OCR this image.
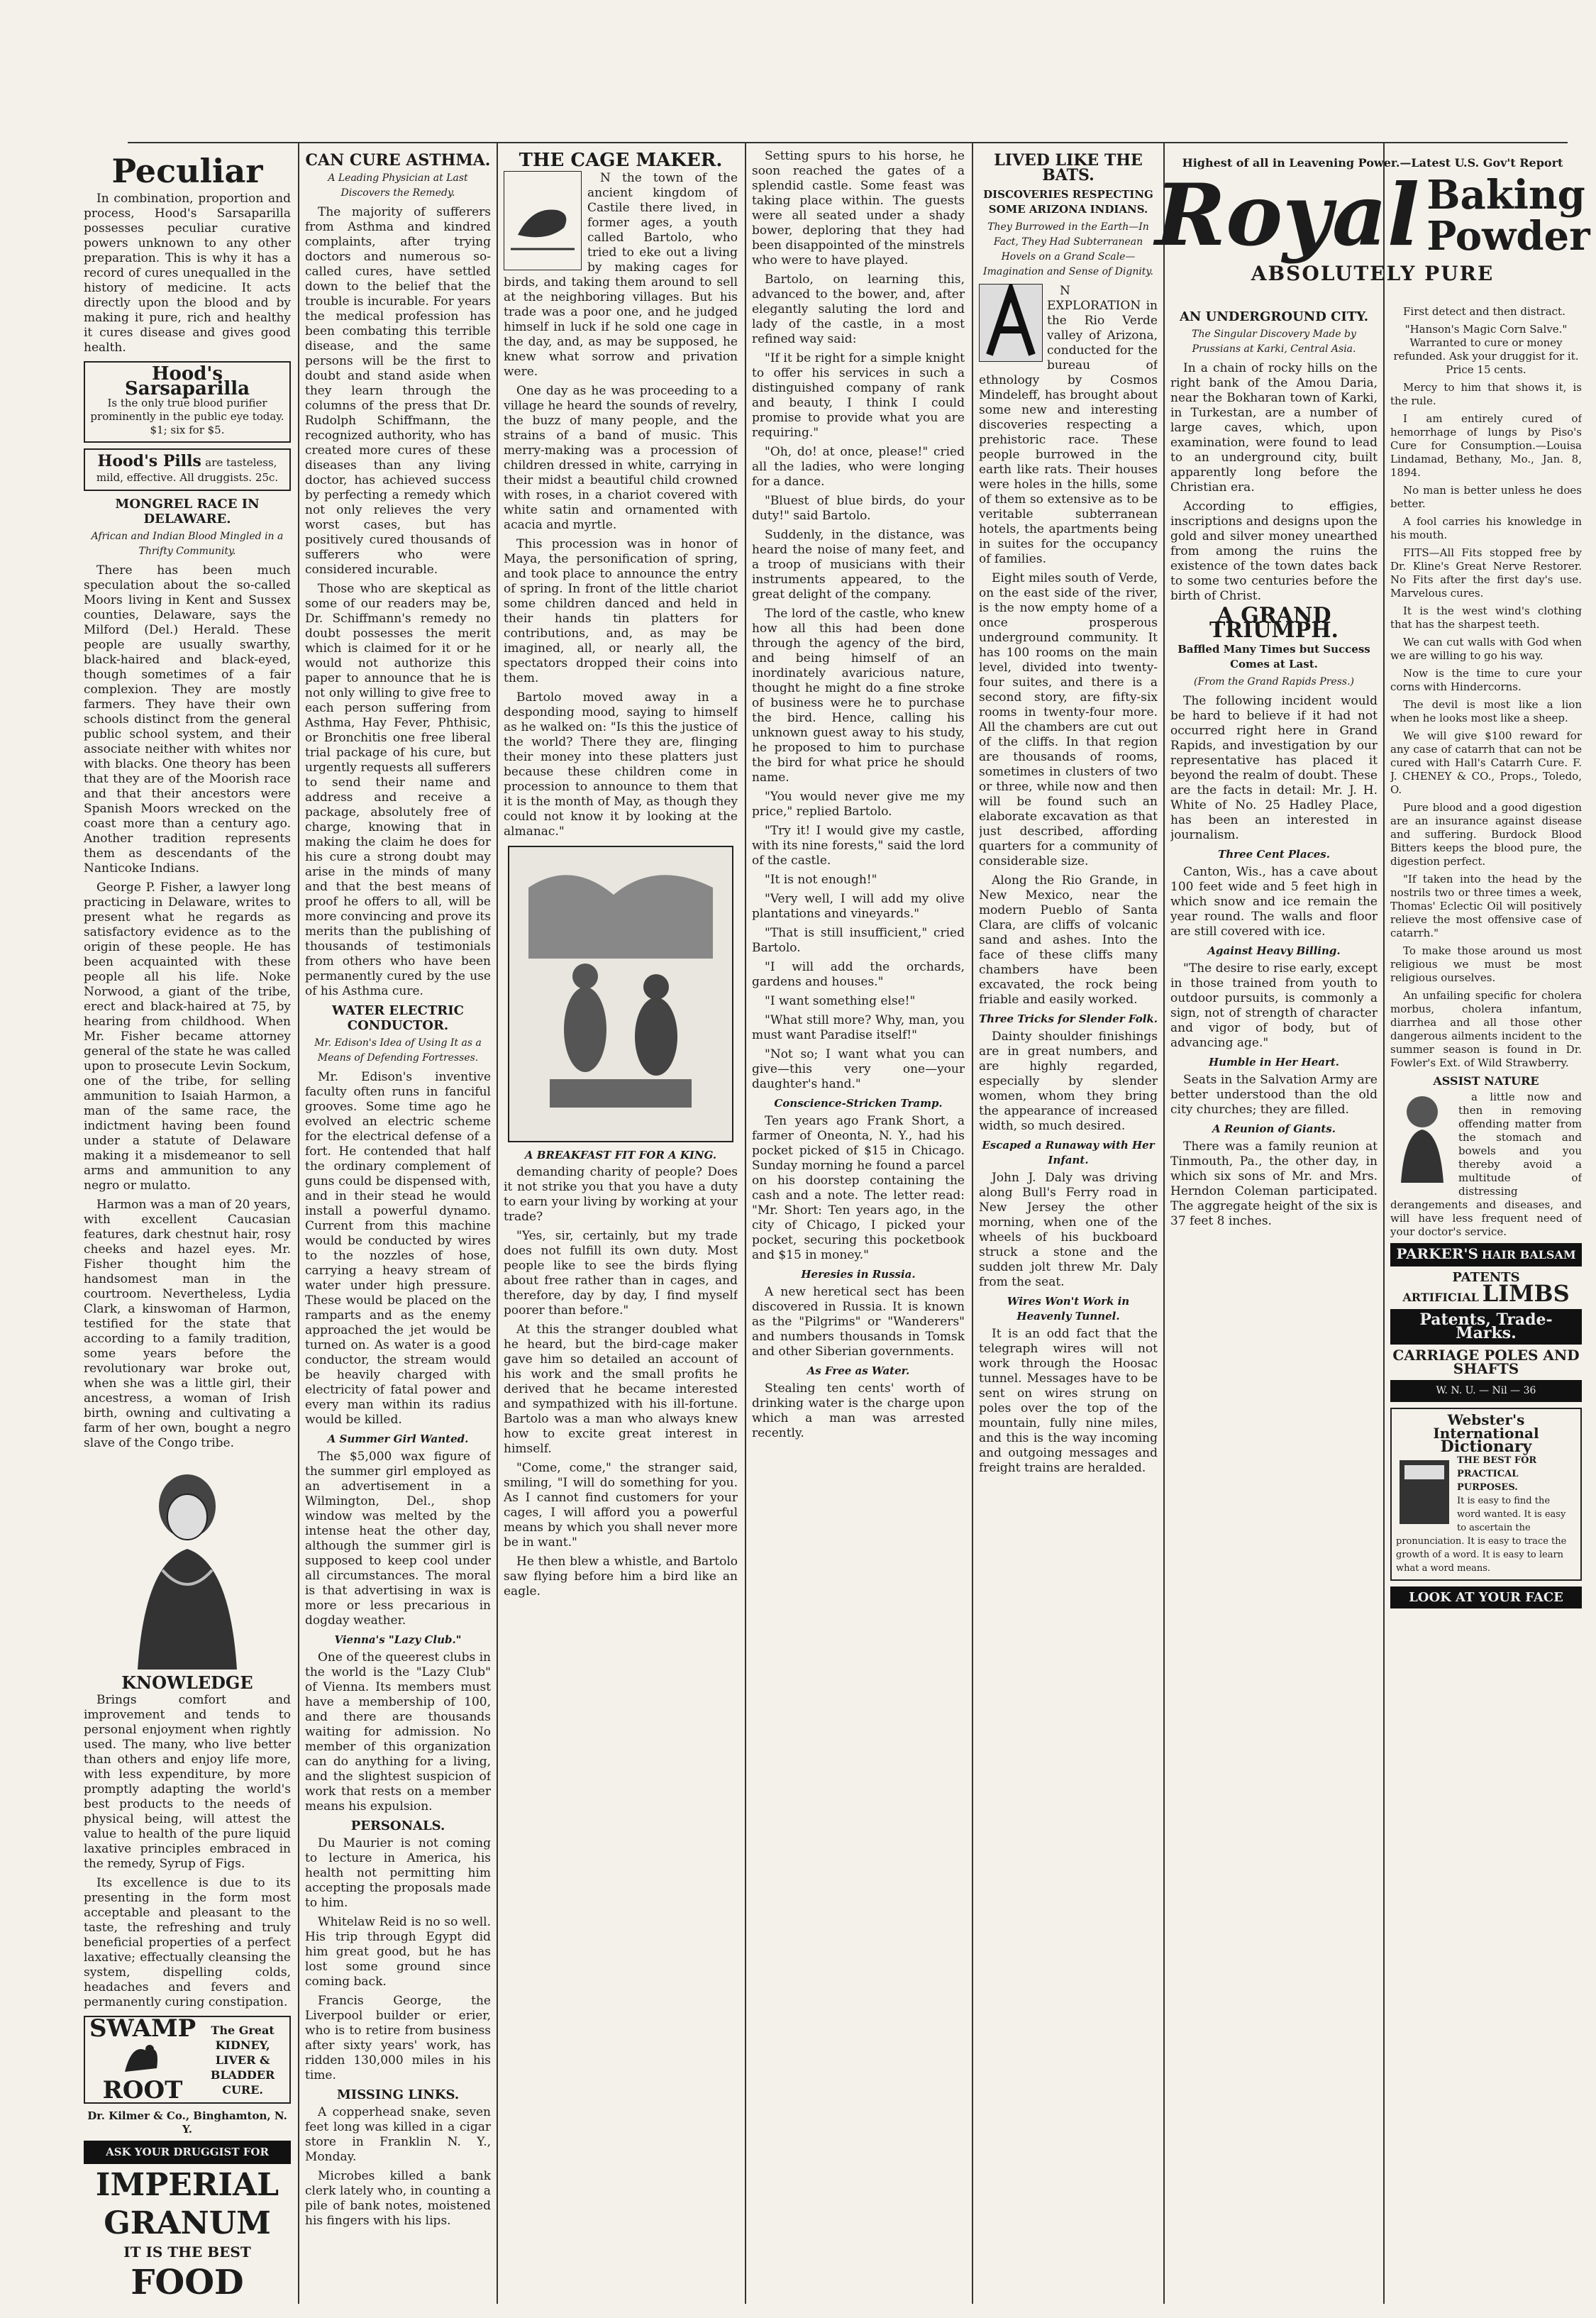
Peculiar

In combination, proportion and process, Hood's Sarsaparilla possesses peculiar curative powers unknown to any other preparation. This is why it has a record of cures unequalled in the history of medicine. It acts directly upon the blood and by making it pure, rich and healthy it cures disease and gives good health.

Hood's Sarsaparilla
Is the only true blood purifier prominently in the public eye today. $1; six for $5.
Hood's Pills are tasteless, mild, effective. All druggists. 25c.
MONGREL RACE IN DELAWARE.
African and Indian Blood Mingled in a Thrifty Community.

There has been much speculation about the so-called Moors living in Kent and Sussex counties, Delaware, says the Milford (Del.) Herald. These people are usually swarthy, black-haired and black-eyed, though sometimes of a fair complexion. They are mostly farmers. They have their own schools distinct from the general public school system, and their associate neither with whites nor with blacks. One theory has been that they are of the Moorish race and that their ancestors were Spanish Moors wrecked on the coast more than a century ago. Another tradition represents them as descendants of the Nanticoke Indians.

George P. Fisher, a lawyer long practicing in Delaware, writes to present what he regards as satisfactory evidence as to the origin of these people. He has been acquainted with these people all his life. Noke Norwood, a giant of the tribe, erect and black-haired at 75, by hearing from childhood. When Mr. Fisher became attorney general of the state he was called upon to prosecute Levin Sockum, one of the tribe, for selling ammunition to Isaiah Harmon, a man of the same race, the indictment having been found under a statute of Delaware making it a misdemeanor to sell arms and ammunition to any negro or mulatto.

Harmon was a man of 20 years, with excellent Caucasian features, dark chestnut hair, rosy cheeks and hazel eyes. Mr. Fisher thought him the handsomest man in the courtroom. Nevertheless, Lydia Clark, a kinswoman of Harmon, testified for the state that according to a family tradition, some years before the revolutionary war broke out, when she was a little girl, their ancestress, a woman of Irish birth, owning and cultivating a farm of her own, bought a negro slave of the Congo tribe.

KNOWLEDGE

Brings comfort and improvement and tends to personal enjoyment when rightly used. The many, who live better than others and enjoy life more, with less expenditure, by more promptly adapting the world's best products to the needs of physical being, will attest the value to health of the pure liquid laxative principles embraced in the remedy, Syrup of Figs.

Its excellence is due to its presenting in the form most acceptable and pleasant to the taste, the refreshing and truly beneficial properties of a perfect laxative; effectually cleansing the system, dispelling colds, headaches and fevers and permanently curing constipation.

SWAMP
ROOT
The Great KIDNEY, LIVER & BLADDER CURE.
Dr. Kilmer & Co., Binghamton, N. Y.
ASK YOUR DRUGGIST FOR
IMPERIAL
GRANUM
IT IS THE BEST
FOOD
CAN CURE ASTHMA.
A Leading Physician at Last Discovers the Remedy.

The majority of sufferers from Asthma and kindred complaints, after trying doctors and numerous so-called cures, have settled down to the belief that the trouble is incurable. For years the medical profession has been combating this terrible disease, and the same persons will be the first to doubt and stand aside when they learn through the columns of the press that Dr. Rudolph Schiffmann, the recognized authority, who has created more cures of these diseases than any living doctor, has achieved success by perfecting a remedy which not only relieves the very worst cases, but has positively cured thousands of sufferers who were considered incurable.

Those who are skeptical as some of our readers may be, Dr. Schiffmann's remedy no doubt possesses the merit which is claimed for it or he would not authorize this paper to announce that he is not only willing to give free to each person suffering from Asthma, Hay Fever, Phthisic, or Bronchitis one free liberal trial package of his cure, but urgently requests all sufferers to send their name and address and receive a package, absolutely free of charge, knowing that in making the claim he does for his cure a strong doubt may arise in the minds of many and that the best means of proof he offers to all, will be more convincing and prove its merits than the publishing of thousands of testimonials from others who have been permanently cured by the use of his Asthma cure.

WATER ELECTRIC CONDUCTOR.
Mr. Edison's Idea of Using It as a Means of Defending Fortresses.

Mr. Edison's inventive faculty often runs in fanciful grooves. Some time ago he evolved an electric scheme for the electrical defense of a fort. He contended that half the ordinary complement of guns could be dispensed with, and in their stead he would install a powerful dynamo. Current from this machine would be conducted by wires to the nozzles of hose, carrying a heavy stream of water under high pressure. These would be placed on the ramparts and as the enemy approached the jet would be turned on. As water is a good conductor, the stream would be heavily charged with electricity of fatal power and every man within its radius would be killed.

A Summer Girl Wanted.

The $5,000 wax figure of the summer girl employed as an advertisement in a Wilmington, Del., shop window was melted by the intense heat the other day, although the summer girl is supposed to keep cool under all circumstances. The moral is that advertising in wax is more or less precarious in dogday weather.

Vienna's "Lazy Club."

One of the queerest clubs in the world is the "Lazy Club" of Vienna. Its members must have a membership of 100, and there are thousands waiting for admission. No member of this organization can do anything for a living, and the slightest suspicion of work that rests on a member means his expulsion.

PERSONALS.

Du Maurier is not coming to lecture in America, his health not permitting him accepting the proposals made to him.

Whitelaw Reid is no so well. His trip through Egypt did him great good, but he has lost some ground since coming back.

Francis George, the Liverpool builder or erier, who is to retire from business after sixty years' work, has ridden 130,000 miles in his time.

MISSING LINKS.

A copperhead snake, seven feet long was killed in a cigar store in Franklin N. Y., Monday.

Microbes killed a bank clerk lately who, in counting a pile of bank notes, moistened his fingers with his lips.

THE CAGE MAKER.

N the town of the ancient kingdom of Castile there lived, in former ages, a youth called Bartolo, who tried to eke out a living by making cages for birds, and taking them around to sell at the neighboring villages. But his trade was a poor one, and he judged himself in luck if he sold one cage in the day, and, as may be supposed, he knew what sorrow and privation were.

One day as he was proceeding to a village he heard the sounds of revelry, the buzz of many people, and the strains of a band of music. This merry-making was a procession of children dressed in white, carrying in their midst a beautiful child crowned with roses, in a chariot covered with white satin and ornamented with acacia and myrtle.

This procession was in honor of Maya, the personification of spring, and took place to announce the entry of spring. In front of the little chariot some children danced and held in their hands tin platters for contributions, and, as may be imagined, all, or nearly all, the spectators dropped their coins into them.

Bartolo moved away in a desponding mood, saying to himself as he walked on: "Is this the justice of the world? There they are, flinging their money into these platters just because these children come in procession to announce to them that it is the month of May, as though they could not know it by looking at the almanac."

A BREAKFAST FIT FOR A KING.

demanding charity of people? Does it not strike you that you have a duty to earn your living by working at your trade?

"Yes, sir, certainly, but my trade does not fulfill its own duty. Most people like to see the birds flying about free rather than in cages, and therefore, day by day, I find myself poorer than before."

At this the stranger doubled what he heard, but the bird-cage maker gave him so detailed an account of his work and the small profits he derived that he became interested and sympathized with his ill-fortune. Bartolo was a man who always knew how to excite great interest in himself.

"Come, come," the stranger said, smiling, "I will do something for you. As I cannot find customers for your cages, I will afford you a powerful means by which you shall never more be in want."

He then blew a whistle, and Bartolo saw flying before him a bird like an eagle.

Setting spurs to his horse, he soon reached the gates of a splendid castle. Some feast was taking place within. The guests were all seated under a shady bower, deploring that they had been disappointed of the minstrels who were to have played.

Bartolo, on learning this, advanced to the bower, and, after elegantly saluting the lord and lady of the castle, in a most refined way said:

"If it be right for a simple knight to offer his services in such a distinguished company of rank and beauty, I think I could promise to provide what you are requiring."

"Oh, do! at once, please!" cried all the ladies, who were longing for a dance.

"Bluest of blue birds, do your duty!" said Bartolo.

Suddenly, in the distance, was heard the noise of many feet, and a troop of musicians with their instruments appeared, to the great delight of the company.

The lord of the castle, who knew how all this had been done through the agency of the bird, and being himself of an inordinately avaricious nature, thought he might do a fine stroke of business were he to purchase the bird. Hence, calling his unknown guest away to his study, he proposed to him to purchase the bird for what price he should name.

"You would never give me my price," replied Bartolo.

"Try it! I would give my castle, with its nine forests," said the lord of the castle.

"It is not enough!"

"Very well, I will add my olive plantations and vineyards."

"That is still insufficient," cried Bartolo.

"I will add the orchards, gardens and houses."

"I want something else!"

"What still more? Why, man, you must want Paradise itself!"

"Not so; I want what you can give—this very one—your daughter's hand."

Conscience-Stricken Tramp.

Ten years ago Frank Short, a farmer of Oneonta, N. Y., had his pocket picked of $15 in Chicago. Sunday morning he found a parcel on his doorstep containing the cash and a note. The letter read: "Mr. Short: Ten years ago, in the city of Chicago, I picked your pocket, securing this pocketbook and $15 in money."

Heresies in Russia.

A new heretical sect has been discovered in Russia. It is known as the "Pilgrims" or "Wanderers" and numbers thousands in Tomsk and other Siberian governments.

As Free as Water.

Stealing ten cents' worth of drinking water is the charge upon which a man was arrested recently.

LIVED LIKE THE BATS.
DISCOVERIES RESPECTING SOME ARIZONA INDIANS.
They Burrowed in the Earth—In Fact, They Had Subterranean Hovels on a Grand Scale—Imagination and Sense of Dignity.

N EXPLORATION in the Rio Verde valley of Arizona, conducted for the bureau of ethnology by Cosmos Mindeleff, has brought about some new and interesting discoveries respecting a prehistoric race. These people burrowed in the earth like rats. Their houses were holes in the hills, some of them so extensive as to be veritable subterranean hotels, the apartments being in suites for the occupancy of families.

Eight miles south of Verde, on the east side of the river, is the now empty home of a once prosperous underground community. It has 100 rooms on the main level, divided into twenty-four suites, and there is a second story, are fifty-six rooms in twenty-four more. All the chambers are cut out of the cliffs. In that region are thousands of rooms, sometimes in clusters of two or three, while now and then will be found such an elaborate excavation as that just described, affording quarters for a community of considerable size.

Along the Rio Grande, in New Mexico, near the modern Pueblo of Santa Clara, are cliffs of volcanic sand and ashes. Into the face of these cliffs many chambers have been excavated, the rock being friable and easily worked.

Three Tricks for Slender Folk.

Dainty shoulder finishings are in great numbers, and are highly regarded, especially by slender women, whom they bring the appearance of increased width, so much desired.

Escaped a Runaway with Her Infant.

John J. Daly was driving along Bull's Ferry road in New Jersey the other morning, when one of the wheels of his buckboard struck a stone and the sudden jolt threw Mr. Daly from the seat.

Wires Won't Work in Heavenly Tunnel.

It is an odd fact that the telegraph wires will not work through the Hoosac tunnel. Messages have to be sent on wires strung on poles over the top of the mountain, fully nine miles, and this is the way incoming and outgoing messages and freight trains are heralded.

Highest of all in Leavening Power.—Latest U.S. Gov't Report
Royal Baking Powder
ABSOLUTELY PURE
AN UNDERGROUND CITY.
The Singular Discovery Made by Prussians at Karki, Central Asia.

In a chain of rocky hills on the right bank of the Amou Daria, near the Bokharan town of Karki, in Turkestan, are a number of large caves, which, upon examination, were found to lead to an underground city, built apparently long before the Christian era.

According to effigies, inscriptions and designs upon the gold and silver money unearthed from among the ruins the existence of the town dates back to some two centuries before the birth of Christ.

A GRAND TRIUMPH.
Baffled Many Times but Success Comes at Last.
(From the Grand Rapids Press.)

The following incident would be hard to believe if it had not occurred right here in Grand Rapids, and investigation by our representative has placed it beyond the realm of doubt. These are the facts in detail: Mr. J. H. White of No. 25 Hadley Place, has been an interested in journalism.

Three Cent Places.

Canton, Wis., has a cave about 100 feet wide and 5 feet high in which snow and ice remain the year round. The walls and floor are still covered with ice.

Against Heavy Billing.

"The desire to rise early, except in those trained from youth to outdoor pursuits, is commonly a sign, not of strength of character and vigor of body, but of advancing age."

Humble in Her Heart.

Seats in the Salvation Army are better understood than the old city churches; they are filled.

A Reunion of Giants.

There was a family reunion at Tinmouth, Pa., the other day, in which six sons of Mr. and Mrs. Herndon Coleman participated. The aggregate height of the six is 37 feet 8 inches.

First detect and then distract.

"Hanson's Magic Corn Salve." Warranted to cure or money refunded. Ask your druggist for it. Price 15 cents.

Mercy to him that shows it, is the rule.

I am entirely cured of hemorrhage of lungs by Piso's Cure for Consumption.—Louisa Lindamad, Bethany, Mo., Jan. 8, 1894.

No man is better unless he does better.

A fool carries his knowledge in his mouth.

FITS—All Fits stopped free by Dr. Kline's Great Nerve Restorer. No Fits after the first day's use. Marvelous cures.

It is the west wind's clothing that has the sharpest teeth.

We can cut walls with God when we are willing to go his way.

Now is the time to cure your corns with Hindercorns.

The devil is most like a lion when he looks most like a sheep.

We will give $100 reward for any case of catarrh that can not be cured with Hall's Catarrh Cure. F. J. CHENEY & CO., Props., Toledo, O.

Pure blood and a good digestion are an insurance against disease and suffering. Burdock Blood Bitters keeps the blood pure, the digestion perfect.

"If taken into the head by the nostrils two or three times a week, Thomas' Eclectic Oil will positively relieve the most offensive case of catarrh."

To make those around us most religious we must be most religious ourselves.

An unfailing specific for cholera morbus, cholera infantum, diarrhea and all those other dangerous ailments incident to the summer season is found in Dr. Fowler's Ext. of Wild Strawberry.

ASSIST NATURE

a little now and then in removing offending matter from the stomach and bowels and you thereby avoid a multitude of distressing derangements and diseases, and will have less frequent need of your doctor's service.

PARKER'S HAIR BALSAM
PATENTS
ARTIFICIAL LIMBS
Patents, Trade-Marks.
CARRIAGE POLES AND SHAFTS
W. N. U. — Nil — 36
Webster's International
Dictionary
THE BEST FOR PRACTICAL PURPOSES.
It is easy to find the word wanted. It is easy to ascertain the pronunciation. It is easy to trace the growth of a word. It is easy to learn what a word means.
LOOK AT YOUR FACE
